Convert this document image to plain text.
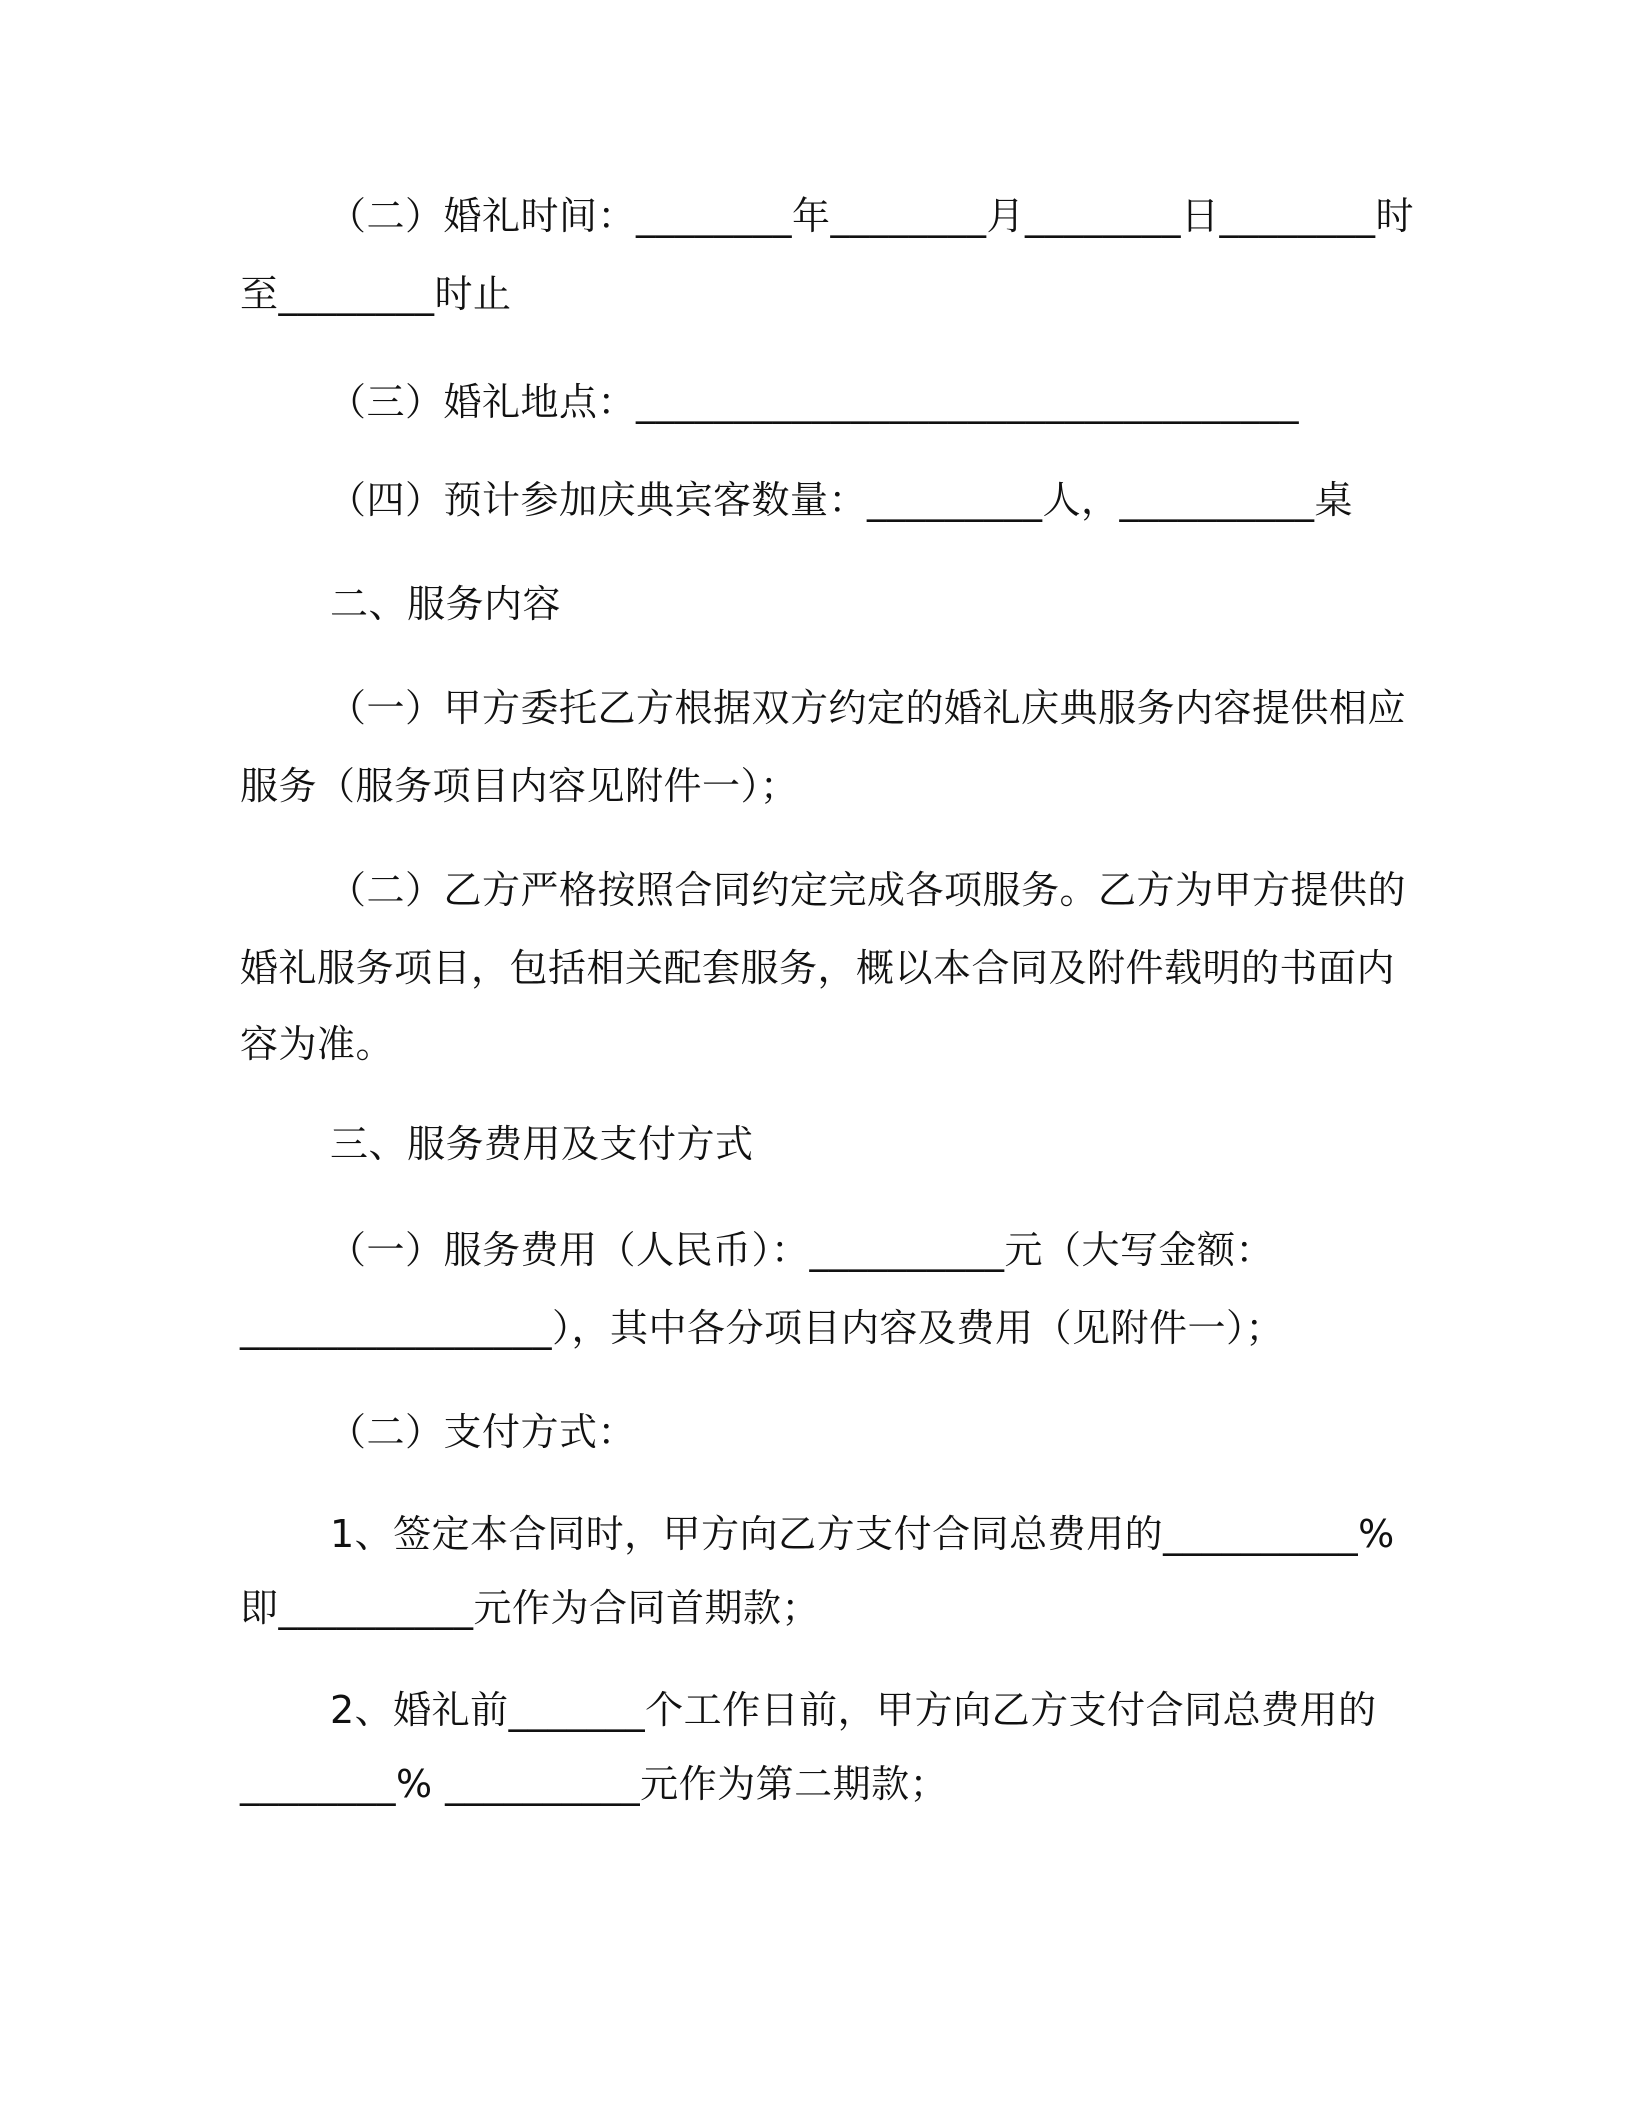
（二）婚礼时间：________年________月________日________时
至________时止
（三）婚礼地点：__________________________________
（四）预计参加庆典宾客数量：_________人，__________桌
二、服务内容
（一）甲方委托乙方根据双方约定的婚礼庆典服务内容提供相应
服务（服务项目内容见附件一）；
（二）乙方严格按照合同约定完成各项服务。乙方为甲方提供的
婚礼服务项目，包括相关配套服务，概以本合同及附件载明的书面内
容为准。
三、服务费用及支付方式
（一）服务费用（人民币）：__________元（大写金额：
________________），其中各分项目内容及费用（见附件一）；
（二）支付方式：
1、签定本合同时，甲方向乙方支付合同总费用的__________%
即__________元作为合同首期款；
2、婚礼前_______个工作日前，甲方向乙方支付合同总费用的
________% __________元作为第二期款；
